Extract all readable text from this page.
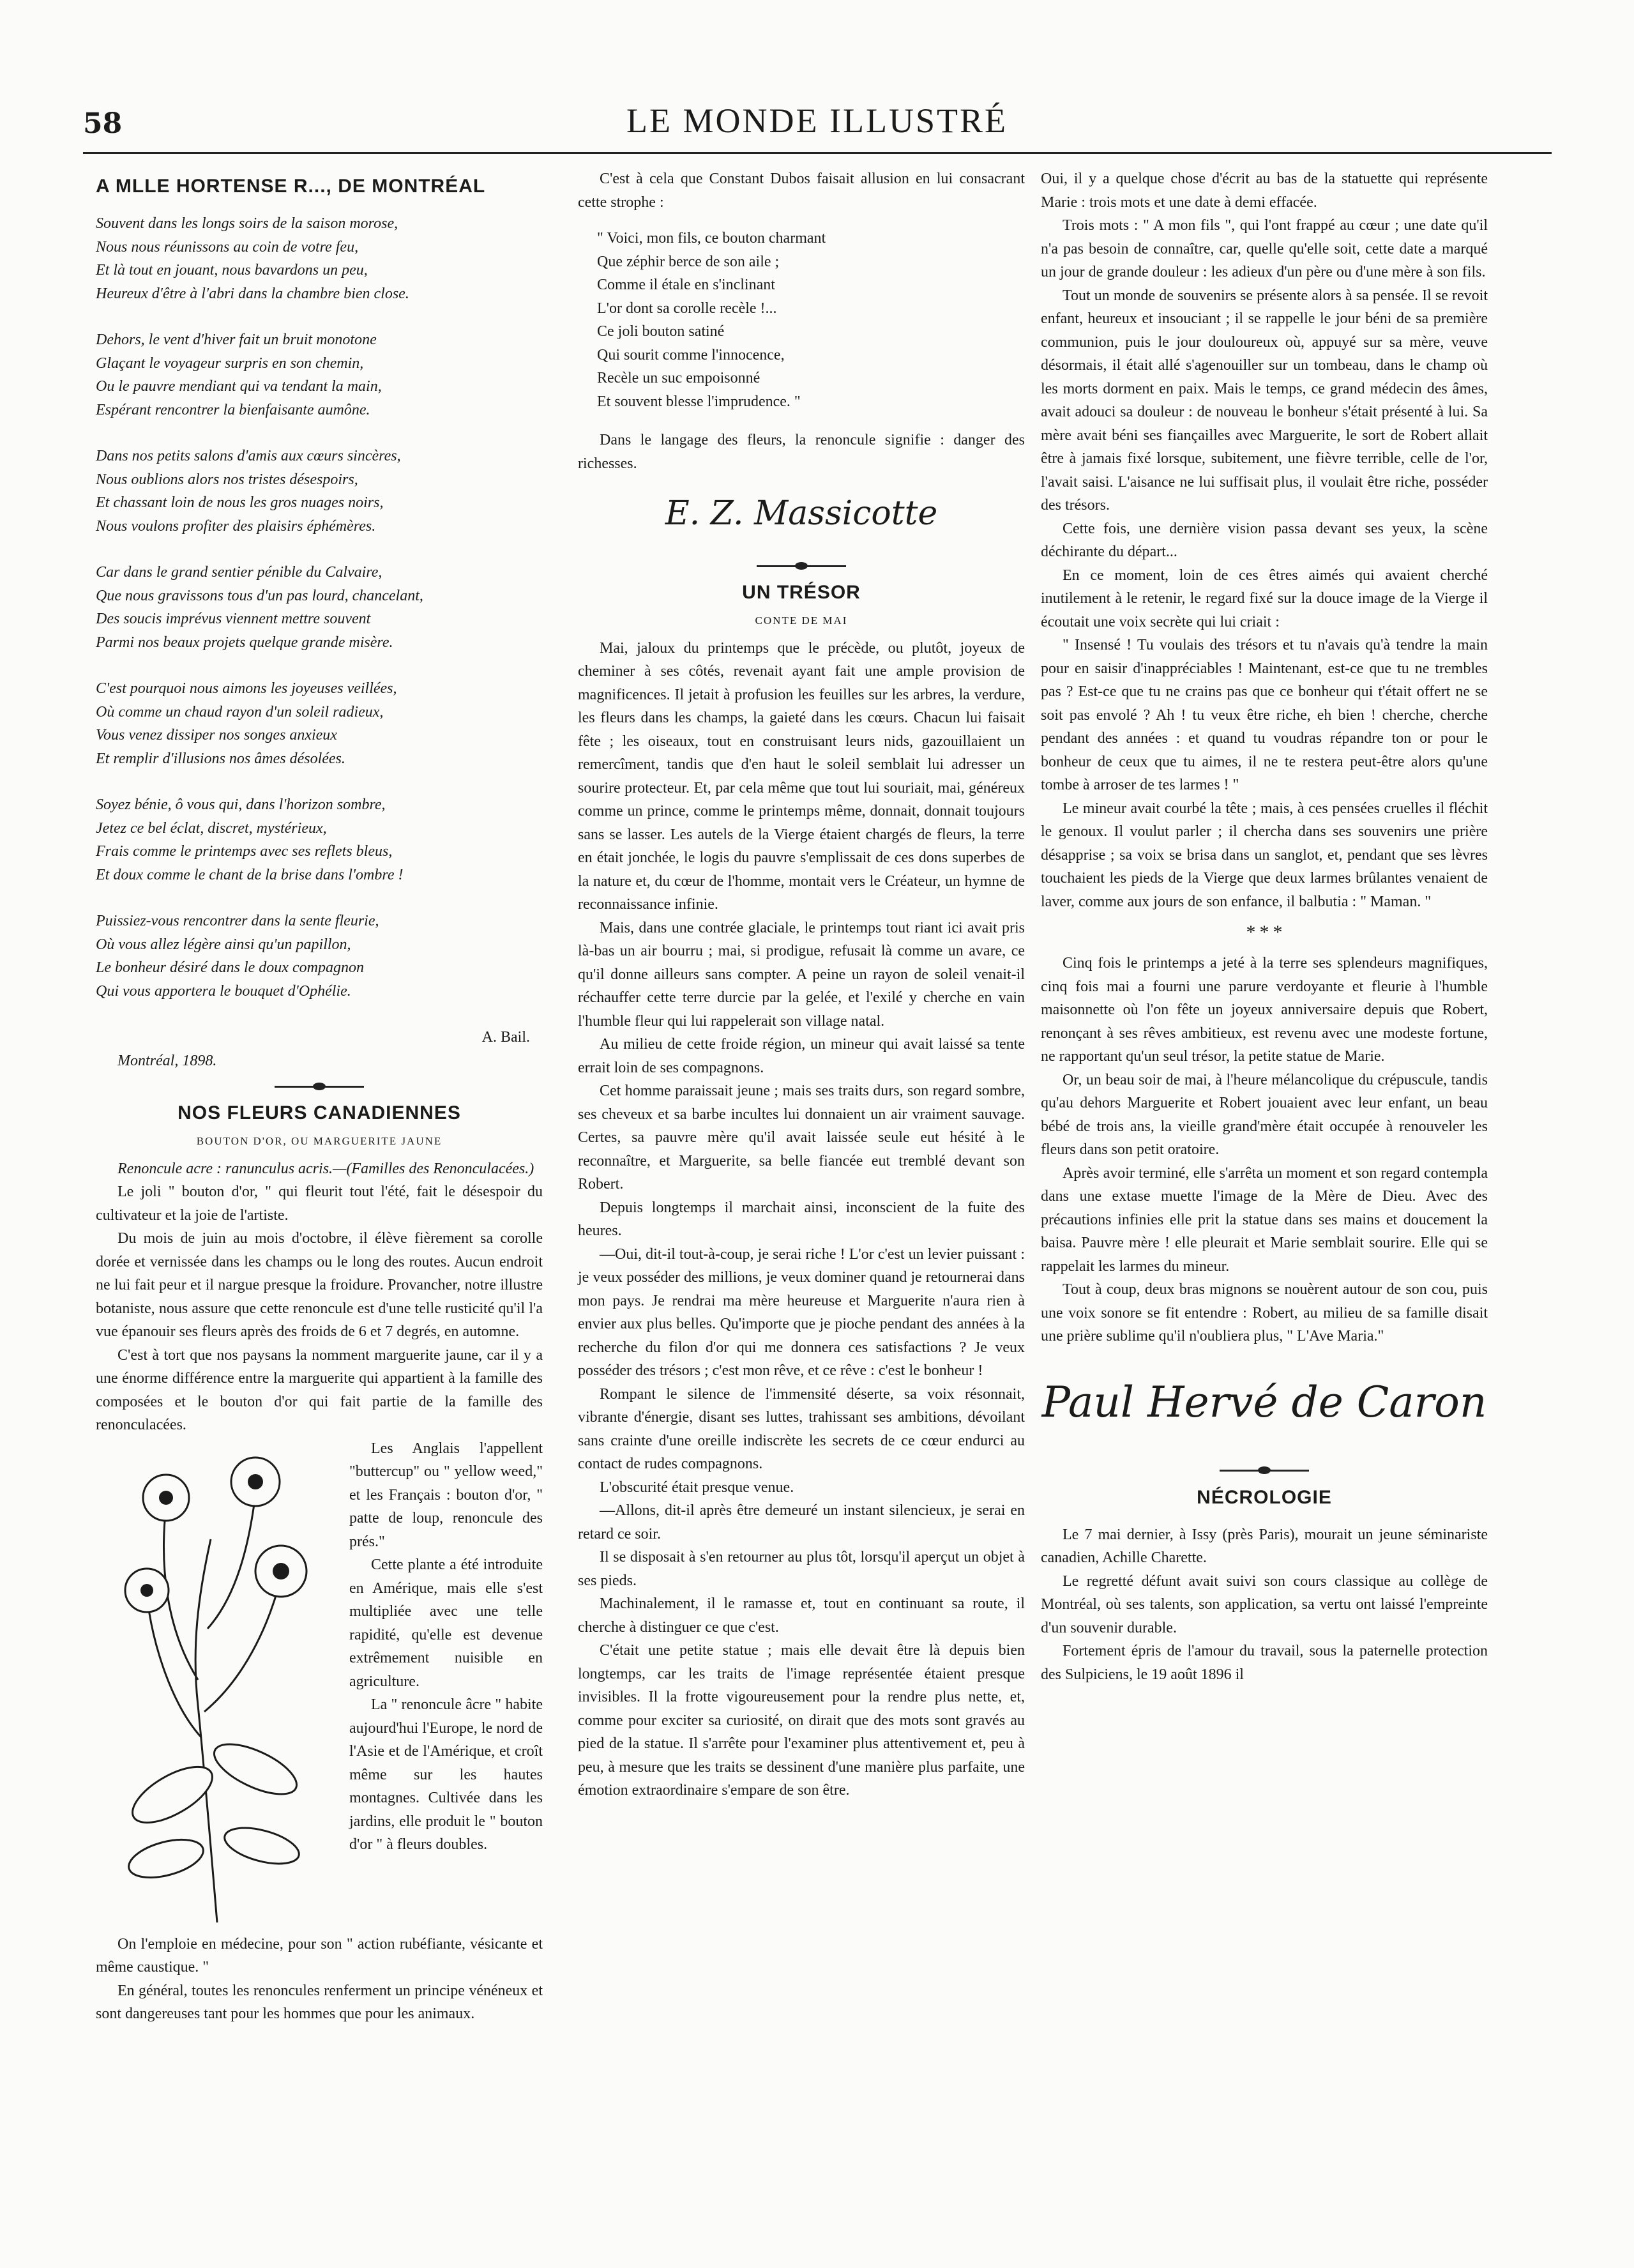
58	LE MONDE ILLUSTRÉ
A MLLE HORTENSE R..., DE MONTRÉAL
Souvent dans les longs soirs de la saison morose,
Nous nous réunissons au coin de votre feu,
Et là tout en jouant, nous bavardons un peu,
Heureux d'être à l'abri dans la chambre bien close.
Dehors, le vent d'hiver fait un bruit monotone
Glaçant le voyageur surpris en son chemin,
Ou le pauvre mendiant qui va tendant la main,
Espérant rencontrer la bienfaisante aumône.
Dans nos petits salons d'amis aux cœurs sincères,
Nous oublions alors nos tristes désespoirs,
Et chassant loin de nous les gros nuages noirs,
Nous voulons profiter des plaisirs éphémères.
Car dans le grand sentier pénible du Calvaire,
Que nous gravissons tous d'un pas lourd, chancelant,
Des soucis imprévus viennent mettre souvent
Parmi nos beaux projets quelque grande misère.
C'est pourquoi nous aimons les joyeuses veillées,
Où comme un chaud rayon d'un soleil radieux,
Vous venez dissiper nos songes anxieux
Et remplir d'illusions nos âmes désolées.
Soyez bénie, ô vous qui, dans l'horizon sombre,
Jetez ce bel éclat, discret, mystérieux,
Frais comme le printemps avec ses reflets bleus,
Et doux comme le chant de la brise dans l'ombre !
Puissiez-vous rencontrer dans la sente fleurie,
Où vous allez légère ainsi qu'un papillon,
Le bonheur désiré dans le doux compagnon
Qui vous apportera le bouquet d'Ophélie.

A. Bail.

Montréal, 1898.

NOS FLEURS CANADIENNES
BOUTON D'OR, OU MARGUERITE JAUNE

Renoncule acre : ranunculus acris.—(Familles des Renonculacées.)

Le joli " bouton d'or, " qui fleurit tout l'été, fait le désespoir du cultivateur et la joie de l'artiste.

Du mois de juin au mois d'octobre, il élève fièrement sa corolle dorée et vernissée dans les champs ou le long des routes. Aucun endroit ne lui fait peur et il nargue presque la froidure. Provancher, notre illustre botaniste, nous assure que cette renoncule est d'une telle rusticité qu'il l'a vue épanouir ses fleurs après des froids de 6 et 7 degrés, en automne.

C'est à tort que nos paysans la nomment marguerite jaune, car il y a une énorme différence entre la marguerite qui appartient à la famille des composées et le bouton d'or qui fait partie de la famille des renonculacées.

Les Anglais l'appellent "buttercup" ou " yellow weed," et les Français : bouton d'or, " patte de loup, renoncule des prés."

Cette plante a été introduite en Amérique, mais elle s'est multipliée avec une telle rapidité, qu'elle est devenue extrêmement nuisible en agriculture.

La " renoncule âcre " habite aujourd'hui l'Europe, le nord de l'Asie et de l'Amérique, et croît même sur les hautes montagnes. Cultivée dans les jardins, elle produit le " bouton d'or " à fleurs doubles.

On l'emploie en médecine, pour son " action rubéfiante, vésicante et même caustique. "

En général, toutes les renoncules renferment un principe vénéneux et sont dangereuses tant pour les hommes que pour les animaux.

C'est à cela que Constant Dubos faisait allusion en lui consacrant cette strophe :

" Voici, mon fils, ce bouton charmant
Que zéphir berce de son aile ;
Comme il étale en s'inclinant
L'or dont sa corolle recèle !...
Ce joli bouton satiné
Qui sourit comme l'innocence,
Recèle un suc empoisonné
Et souvent blesse l'imprudence. "

Dans le langage des fleurs, la renoncule signifie : danger des richesses.

E. Z. Massicotte
UN TRÉSOR
CONTE DE MAI

Mai, jaloux du printemps que le précède, ou plutôt, joyeux de cheminer à ses côtés, revenait ayant fait une ample provision de magnificences. Il jetait à profusion les feuilles sur les arbres, la verdure, les fleurs dans les champs, la gaieté dans les cœurs. Chacun lui faisait fête ; les oiseaux, tout en construisant leurs nids, gazouillaient un remercîment, tandis que d'en haut le soleil semblait lui adresser un sourire protecteur. Et, par cela même que tout lui souriait, mai, généreux comme un prince, comme le printemps même, donnait, donnait toujours sans se lasser. Les autels de la Vierge étaient chargés de fleurs, la terre en était jonchée, le logis du pauvre s'emplissait de ces dons superbes de la nature et, du cœur de l'homme, montait vers le Créateur, un hymne de reconnaissance infinie.

Mais, dans une contrée glaciale, le printemps tout riant ici avait pris là-bas un air bourru ; mai, si prodigue, refusait là comme un avare, ce qu'il donne ailleurs sans compter. A peine un rayon de soleil venait-il réchauffer cette terre durcie par la gelée, et l'exilé y cherche en vain l'humble fleur qui lui rappelerait son village natal.

Au milieu de cette froide région, un mineur qui avait laissé sa tente errait loin de ses compagnons.

Cet homme paraissait jeune ; mais ses traits durs, son regard sombre, ses cheveux et sa barbe incultes lui donnaient un air vraiment sauvage. Certes, sa pauvre mère qu'il avait laissée seule eut hésité à le reconnaître, et Marguerite, sa belle fiancée eut tremblé devant son Robert.

Depuis longtemps il marchait ainsi, inconscient de la fuite des heures.

—Oui, dit-il tout-à-coup, je serai riche ! L'or c'est un levier puissant : je veux posséder des millions, je veux dominer quand je retournerai dans mon pays. Je rendrai ma mère heureuse et Marguerite n'aura rien à envier aux plus belles. Qu'importe que je pioche pendant des années à la recherche du filon d'or qui me donnera ces satisfactions ? Je veux posséder des trésors ; c'est mon rêve, et ce rêve : c'est le bonheur !

Rompant le silence de l'immensité déserte, sa voix résonnait, vibrante d'énergie, disant ses luttes, trahissant ses ambitions, dévoilant sans crainte d'une oreille indiscrète les secrets de ce cœur endurci au contact de rudes compagnons.

L'obscurité était presque venue.

—Allons, dit-il après être demeuré un instant silencieux, je serai en retard ce soir.

Il se disposait à s'en retourner au plus tôt, lorsqu'il aperçut un objet à ses pieds.

Machinalement, il le ramasse et, tout en continuant sa route, il cherche à distinguer ce que c'est.

C'était une petite statue ; mais elle devait être là depuis bien longtemps, car les traits de l'image représentée étaient presque invisibles. Il la frotte vigoureusement pour la rendre plus nette, et, comme pour exciter sa curiosité, on dirait que des mots sont gravés au pied de la statue. Il s'arrête pour l'examiner plus attentivement et, peu à peu, à mesure que les traits se dessinent d'une manière plus parfaite, une émotion extraordinaire s'empare de son être.

Oui, il y a quelque chose d'écrit au bas de la statuette qui représente Marie : trois mots et une date à demi effacée.

Trois mots : " A mon fils ", qui l'ont frappé au cœur ; une date qu'il n'a pas besoin de connaître, car, quelle qu'elle soit, cette date a marqué un jour de grande douleur : les adieux d'un père ou d'une mère à son fils.

Tout un monde de souvenirs se présente alors à sa pensée. Il se revoit enfant, heureux et insouciant ; il se rappelle le jour béni de sa première communion, puis le jour douloureux où, appuyé sur sa mère, veuve désormais, il était allé s'agenouiller sur un tombeau, dans le champ où les morts dorment en paix. Mais le temps, ce grand médecin des âmes, avait adouci sa douleur : de nouveau le bonheur s'était présenté à lui. Sa mère avait béni ses fiançailles avec Marguerite, le sort de Robert allait être à jamais fixé lorsque, subitement, une fièvre terrible, celle de l'or, l'avait saisi. L'aisance ne lui suffisait plus, il voulait être riche, posséder des trésors.

Cette fois, une dernière vision passa devant ses yeux, la scène déchirante du départ...

En ce moment, loin de ces êtres aimés qui avaient cherché inutilement à le retenir, le regard fixé sur la douce image de la Vierge il écoutait une voix secrète qui lui criait :

" Insensé ! Tu voulais des trésors et tu n'avais qu'à tendre la main pour en saisir d'inappréciables ! Maintenant, est-ce que tu ne trembles pas ? Est-ce que tu ne crains pas que ce bonheur qui t'était offert ne se soit pas envolé ? Ah ! tu veux être riche, eh bien ! cherche, cherche pendant des années : et quand tu voudras répandre ton or pour le bonheur de ceux que tu aimes, il ne te restera peut-être alors qu'une tombe à arroser de tes larmes ! "

Le mineur avait courbé la tête ; mais, à ces pensées cruelles il fléchit le genoux. Il voulut parler ; il chercha dans ses souvenirs une prière désapprise ; sa voix se brisa dans un sanglot, et, pendant que ses lèvres touchaient les pieds de la Vierge que deux larmes brûlantes venaient de laver, comme aux jours de son enfance, il balbutia : " Maman. "

* * *

Cinq fois le printemps a jeté à la terre ses splendeurs magnifiques, cinq fois mai a fourni une parure verdoyante et fleurie à l'humble maisonnette où l'on fête un joyeux anniversaire depuis que Robert, renonçant à ses rêves ambitieux, est revenu avec une modeste fortune, ne rapportant qu'un seul trésor, la petite statue de Marie.

Or, un beau soir de mai, à l'heure mélancolique du crépuscule, tandis qu'au dehors Marguerite et Robert jouaient avec leur enfant, un beau bébé de trois ans, la vieille grand'mère était occupée à renouveler les fleurs dans son petit oratoire.

Après avoir terminé, elle s'arrêta un moment et son regard contempla dans une extase muette l'image de la Mère de Dieu. Avec des précautions infinies elle prit la statue dans ses mains et doucement la baisa. Pauvre mère ! elle pleurait et Marie semblait sourire. Elle qui se rappelait les larmes du mineur.

Tout à coup, deux bras mignons se nouèrent autour de son cou, puis une voix sonore se fit entendre : Robert, au milieu de sa famille disait une prière sublime qu'il n'oubliera plus, " L'Ave Maria."

Paul Hervé de Caron
NÉCROLOGIE

Le 7 mai dernier, à Issy (près Paris), mourait un jeune séminariste canadien, Achille Charette.

Le regretté défunt avait suivi son cours classique au collège de Montréal, où ses talents, son application, sa vertu ont laissé l'empreinte d'un souvenir durable.

Fortement épris de l'amour du travail, sous la paternelle protection des Sulpiciens, le 19 août 1896 il
